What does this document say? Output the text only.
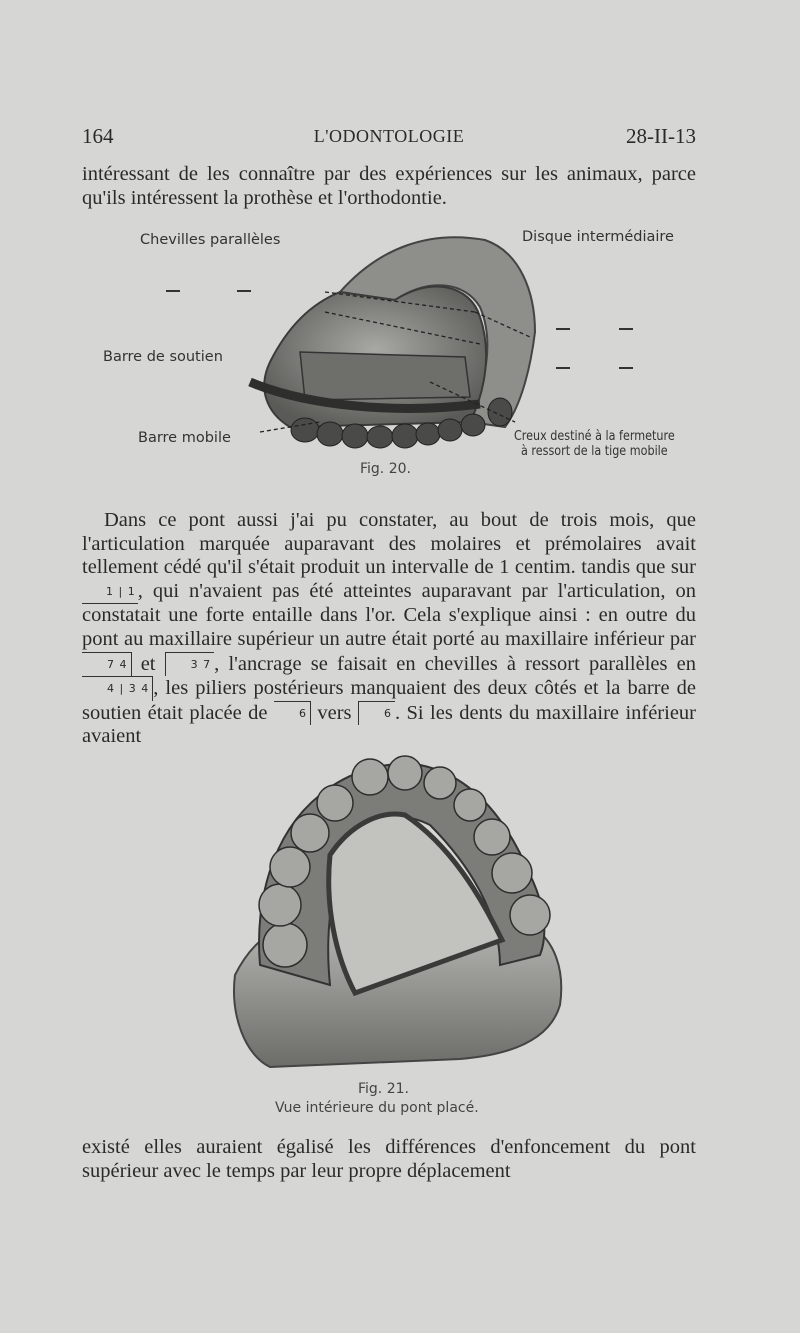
164	L'ODONTOLOGIE	28-II-13

intéressant de les connaître par des expériences sur les animaux, parce qu'ils intéressent la prothèse et l'orthodontie.

Chevilles parallèles	Disque intermédiaire
Barre de soutien
Barre mobile	Creux destiné à la fermeture
à ressort de la tige mobile
Fig. 20.

Dans ce pont aussi j'ai pu constater, au bout de trois mois, que l'articulation marquée auparavant des molaires et prémolaires avait tellement cédé qu'il s'était produit un intervalle de 1 centim. tandis que sur 1 | 1, qui n'avaient pas été atteintes auparavant par l'articulation, on constatait une forte entaille dans l'or. Cela s'explique ainsi : en outre du pont au maxillaire supérieur un autre était porté au maxillaire inférieur par 7 4 et	3 7 , l'ancrage se faisait en chevilles à ressort parallèles en 4 | 3 4 , les piliers postérieurs manquaient des deux côtés et la barre de soutien était placée de	6 vers	6 . Si les dents du maxillaire inférieur avaient

Fig. 21.
Vue intérieure du pont placé.

existé elles auraient égalisé les différences d'enfoncement du pont supérieur avec le temps par leur propre déplacement
